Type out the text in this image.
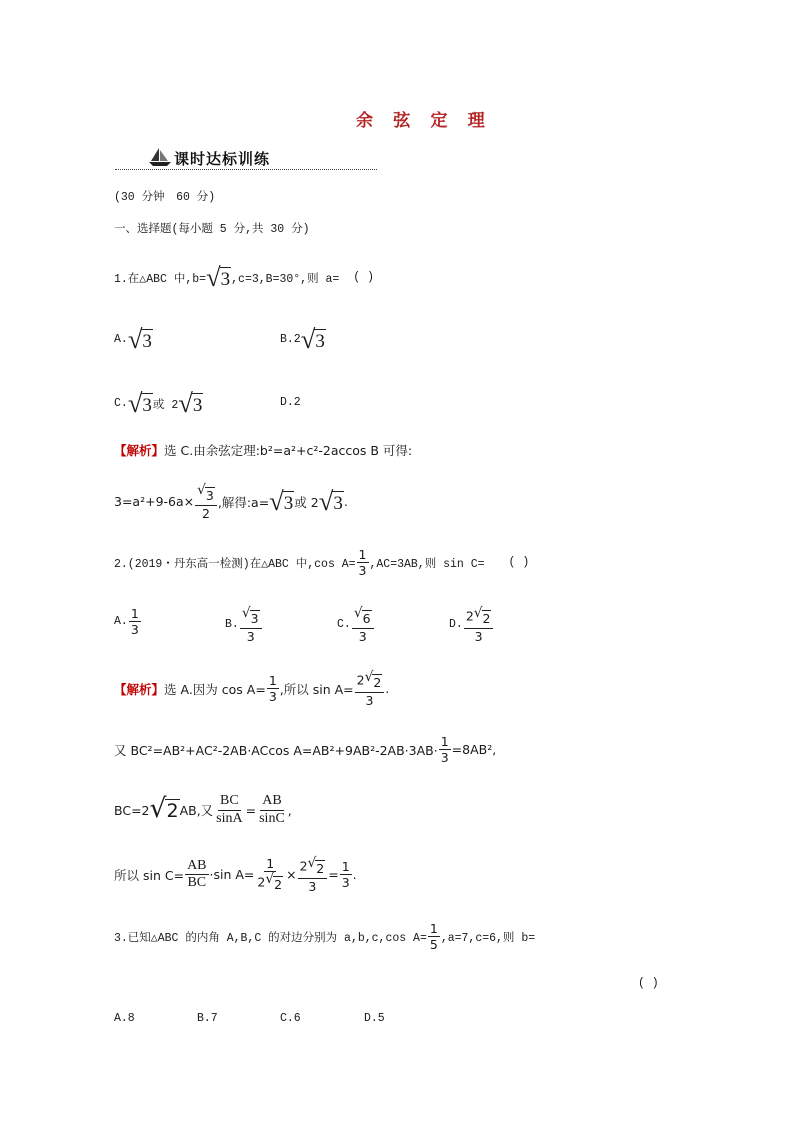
余 弦 定 理
课时达标训练
(30 分钟　60 分)
一、选择题(每小题 5 分,共 30 分)
1.在△ABC 中,b= √ 3 ,c=3,B=30°,则 a= ( )
A. √ 3	B.2 √ 3
C. √ 3 或 2 √ 3	D.2
【解析】 选 C.由余弦定理:b²=a²+c²-2accos B 可得:
$3=a^2+9-6a\times \frac{√ 3}{2}$ ,解得:a= √ 3 或 2 √ 3 .
2.(2019・丹东高一检测)在△ABC 中,cos $A= \frac{1}{3} ,AC=3AB$,则 sin C= ( )
A. $\frac{1}{3}$	B. $\frac{√ 3}{3}$	C. $\frac{√ 6}{3}$	D. $\frac{2 √ 2}{3}$
【解析】 选 A.因为 $\cos A= \frac{1}{3}$ ,所以 $\sin A= \frac{2 √ 2}{3}$ .
又 BC²=AB²+AC²-2AB·ACcos $A=AB^2+9AB^2-2AB\cdot 3AB\cdot \frac{1}{3} =8AB^2$,
BC=2 √ 2 AB,又 $\frac{BC}{\sin A} = \frac{AB}{\sin C}$ ,
所以 $\sin C= \frac{AB}{BC} \cdot\sin$ $A= \frac{1}{2 √ 2} \times \frac{2 √ 2}{3} = \frac{1}{3}$ .
3.已知△ABC 的内角 A,B,C 的对边分别为 a,b,c,cos $A= \frac{1}{5} ,a=7,c=6$,则 b=
( )
A.8	B.7	C.6	D.5
